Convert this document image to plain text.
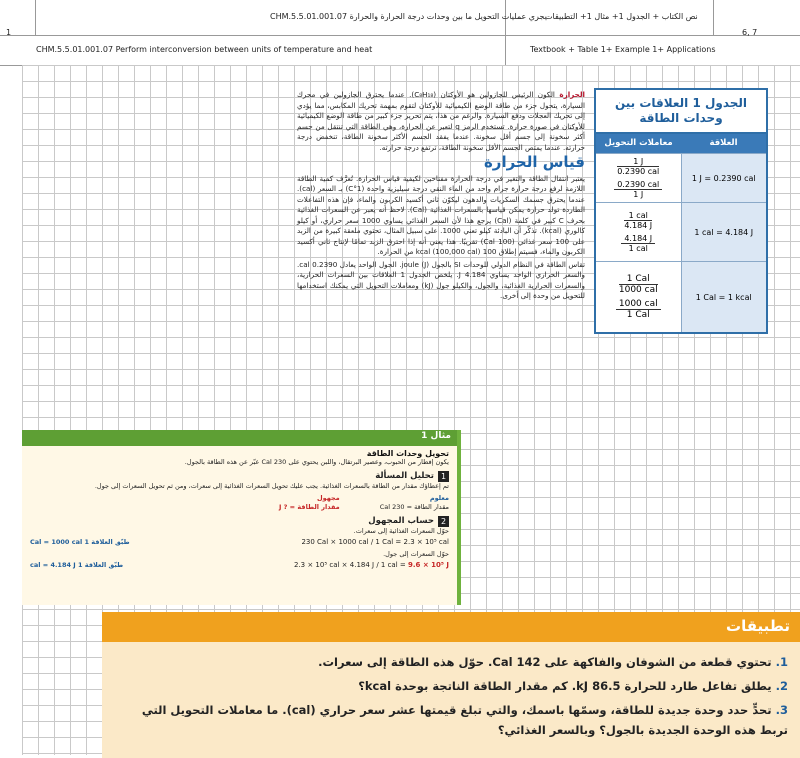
1	6, 7
CHM.5.5.01.001.07 يجري عمليات التحويل ما بين وحدات درجة الحرارة والحرارة
نص الكتاب + الجدول 1+ مثال 1+ التطبيقات
CHM.5.5.01.001.07 Perform interconversion between units of temperature and heat	Textbook + Table 1+ Example 1+ Applications

الحرارة الكون الرئيس للجازولين هو الأوكتان (C₈H₁₈). عندما يحترق الجازولين في محرك السيارة، يتحول جزء من طاقة الوضع الكيميائية للأوكتان لتقوم بمهمة تحريك المكابس، مما يؤدي إلى تحريك العجلات ودفع السيارة. والرغم من هذا، يتم تحرير جزء كبير من طاقة الوضع الكيميائية للأوكتان في صورة حرارة. تستخدم الرمز q لتعبر عن الحرارة، وهي الطاقة التي تنتقل من جسم أكثر سخونة إلى جسم أقل سخونة. عندما يفقد الجسم الأكثر سخونة الطاقة، تنخفض درجة حرارته. عندما يمتص الجسم الأقل سخونة الطاقة، ترتفع درجة حرارته.

قياس الحرارة

يعتبر انتقال الطاقة والتغير في درجة الحرارة مفتاحين لكيفية قياس الحرارة. تُعرَّف كمية الطاقة اللازمة لرفع درجة حرارة جرام واحد من الماء النقي درجة سيليزية واحدة (1°C) بـ السعر (cal). عندما يحترق جسمك السكريات والدهون ليكوّن ثاني أكسيد الكربون والماء، فإن هذه التفاعلات الطاردة تولد حرارة يمكن قياسها بالسعرات الغذائية (Cal). لاحظ أنه يعبر عن السعرات الغذائية بحرف C كبير في كلمة (Cal) يرجع هذا لأن السعر الغذائي يساوي 1000 سعر حراري، أو كيلو كالوري (kcal). تذكّر أن البادئة كيلو تعني 1000. على سبيل المثال، تحتوي ملعقة كبيرة من الزبد على 100 سعر غذائي (100 Cal) تقريبًا. هذا يعني أنه إذا احترق الزبد تمامًا لإنتاج ثاني أكسيد الكربون والماء، فسيتم إطلاق 100 kcal (100,000 cal) من الحرارة.

تقاس الطاقة في النظام الدولي للوحدات SI بالجول (J) joule. الجول الواحد يعادل 0.2390 cal. والسعر الحراري الواحد يساوي 4.184 J. يلخص الجدول 1 العلاقات بين السعرات الحرارية، والسعرات الحرارية الغذائية، والجول، والكيلو جول (kJ) ومعاملات التحويل التي يمكنك استخدامها للتحويل من وحدة إلى أخرى.

الجدول 1 العلاقات بين وحدات الطاقة
العلاقة
معاملات التحويل
1 J = 0.2390 cal
$\frac{1 J}{\text{0.2390 cal}}$
$\frac{\text{0.2390 cal}}{1 J}$
1 cal = 4.184 J
$\frac{\text{1 cal}}{4.184 J}$
$\frac{4.184 J}{\text{1 cal}}$
1 Cal = 1 kcal
$\frac{\text{1 Cal}}{\text{1000 cal}}$
$\frac{\text{1000 cal}}{\text{1 Cal}}$
مثال 1
تحويل وحدات الطاقة
يكون إفطار من الحبوب، وعصير البرتقال، واللبن يحتوي على 230 Cal عبّر عن هذه الطاقة بالجول.
1
تحليل المسألة
تم إعطاؤك مقدار من الطاقة بالسعرات الغذائية. يجب عليك تحويل السعرات الغذائية إلى سعرات، ومن ثم تحويل السعرات إلى جول.
معلوم
مقدار الطاقة = 230 Cal
مجهول
مقدار الطاقة = ? J
2
حساب المجهول
حوّل السعرات الغذائية إلى سعرات.
230 Cal × 1000 cal / 1 Cal = 2.3 × 10⁵ cal
طبّق العلاقة 1 Cal = 1000 cal
حوّل السعرات إلى جول.
2.3 × 10⁵ cal × 4.184 J / 1 cal = 9.6 × 10⁵ J
طبّق العلاقة 1 cal = 4.184 J
تطبيقات
1. تحتوي قطعة من الشوفان والفاكهة على 142 Cal. حوّل هذه الطاقة إلى سعرات.
2. يطلق تفاعل طارد للحرارة 86.5 kJ. كم مقدار الطاقة الناتجة بوحدة kcal؟
3. تحدٍّ حدد وحدة جديدة للطاقة، وسمّها باسمك، والتي تبلغ قيمتها عشر سعر حراري (cal). ما معاملات التحويل التي تربط هذه الوحدة الجديدة بالجول؟ وبالسعر الغذائي؟
